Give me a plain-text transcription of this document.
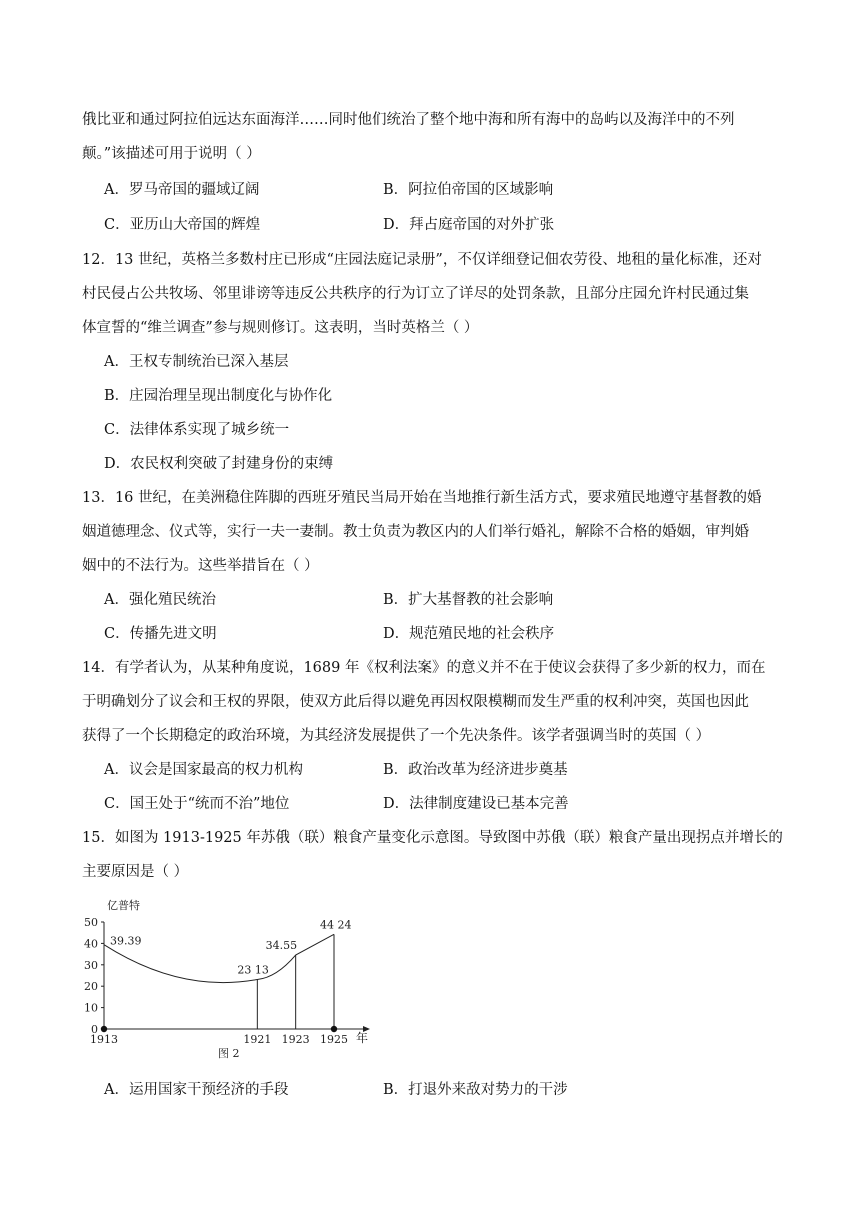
俄比亚和通过阿拉伯远达东面海洋……同时他们统治了整个地中海和所有海中的岛屿以及海洋中的不列
颠。”该描述可用于说明（ ）
A．罗马帝国的疆域辽阔	B．阿拉伯帝国的区域影响
C．亚历山大帝国的辉煌	D．拜占庭帝国的对外扩张
12．13 世纪，英格兰多数村庄已形成“庄园法庭记录册”，不仅详细登记佃农劳役、地租的量化标准，还对
村民侵占公共牧场、邻里诽谤等违反公共秩序的行为订立了详尽的处罚条款，且部分庄园允许村民通过集
体宣誓的“维兰调查”参与规则修订。这表明，当时英格兰（ ）
A．王权专制统治已深入基层
B．庄园治理呈现出制度化与协作化
C．法律体系实现了城乡统一
D．农民权利突破了封建身份的束缚
13．16 世纪，在美洲稳住阵脚的西班牙殖民当局开始在当地推行新生活方式，要求殖民地遵守基督教的婚
姻道德理念、仪式等，实行一夫一妻制。教士负责为教区内的人们举行婚礼，解除不合格的婚姻，审判婚
姻中的不法行为。这些举措旨在（ ）
A．强化殖民统治	B．扩大基督教的社会影响
C．传播先进文明	D．规范殖民地的社会秩序
14．有学者认为，从某种角度说，1689 年《权利法案》的意义并不在于使议会获得了多少新的权力，而在
于明确划分了议会和王权的界限，使双方此后得以避免再因权限模糊而发生严重的权利冲突，英国也因此
获得了一个长期稳定的政治环境，为其经济发展提供了一个先决条件。该学者强调当时的英国（ ）
A．议会是国家最高的权力机构	B．政治改革为经济进步奠基
C．国王处于“统而不治”地位	D．法律制度建设已基本完善
15．如图为 1913-1925 年苏俄（联）粮食产量变化示意图。导致图中苏俄（联）粮食产量出现拐点并增长的
主要原因是（ ）
亿普特
年
图 2
0
10
20
30
40
50
1913	1921 1923 1925
39.39
23 13
34.55
44 24
A．运用国家干预经济的手段	B．打退外来敌对势力的干涉
